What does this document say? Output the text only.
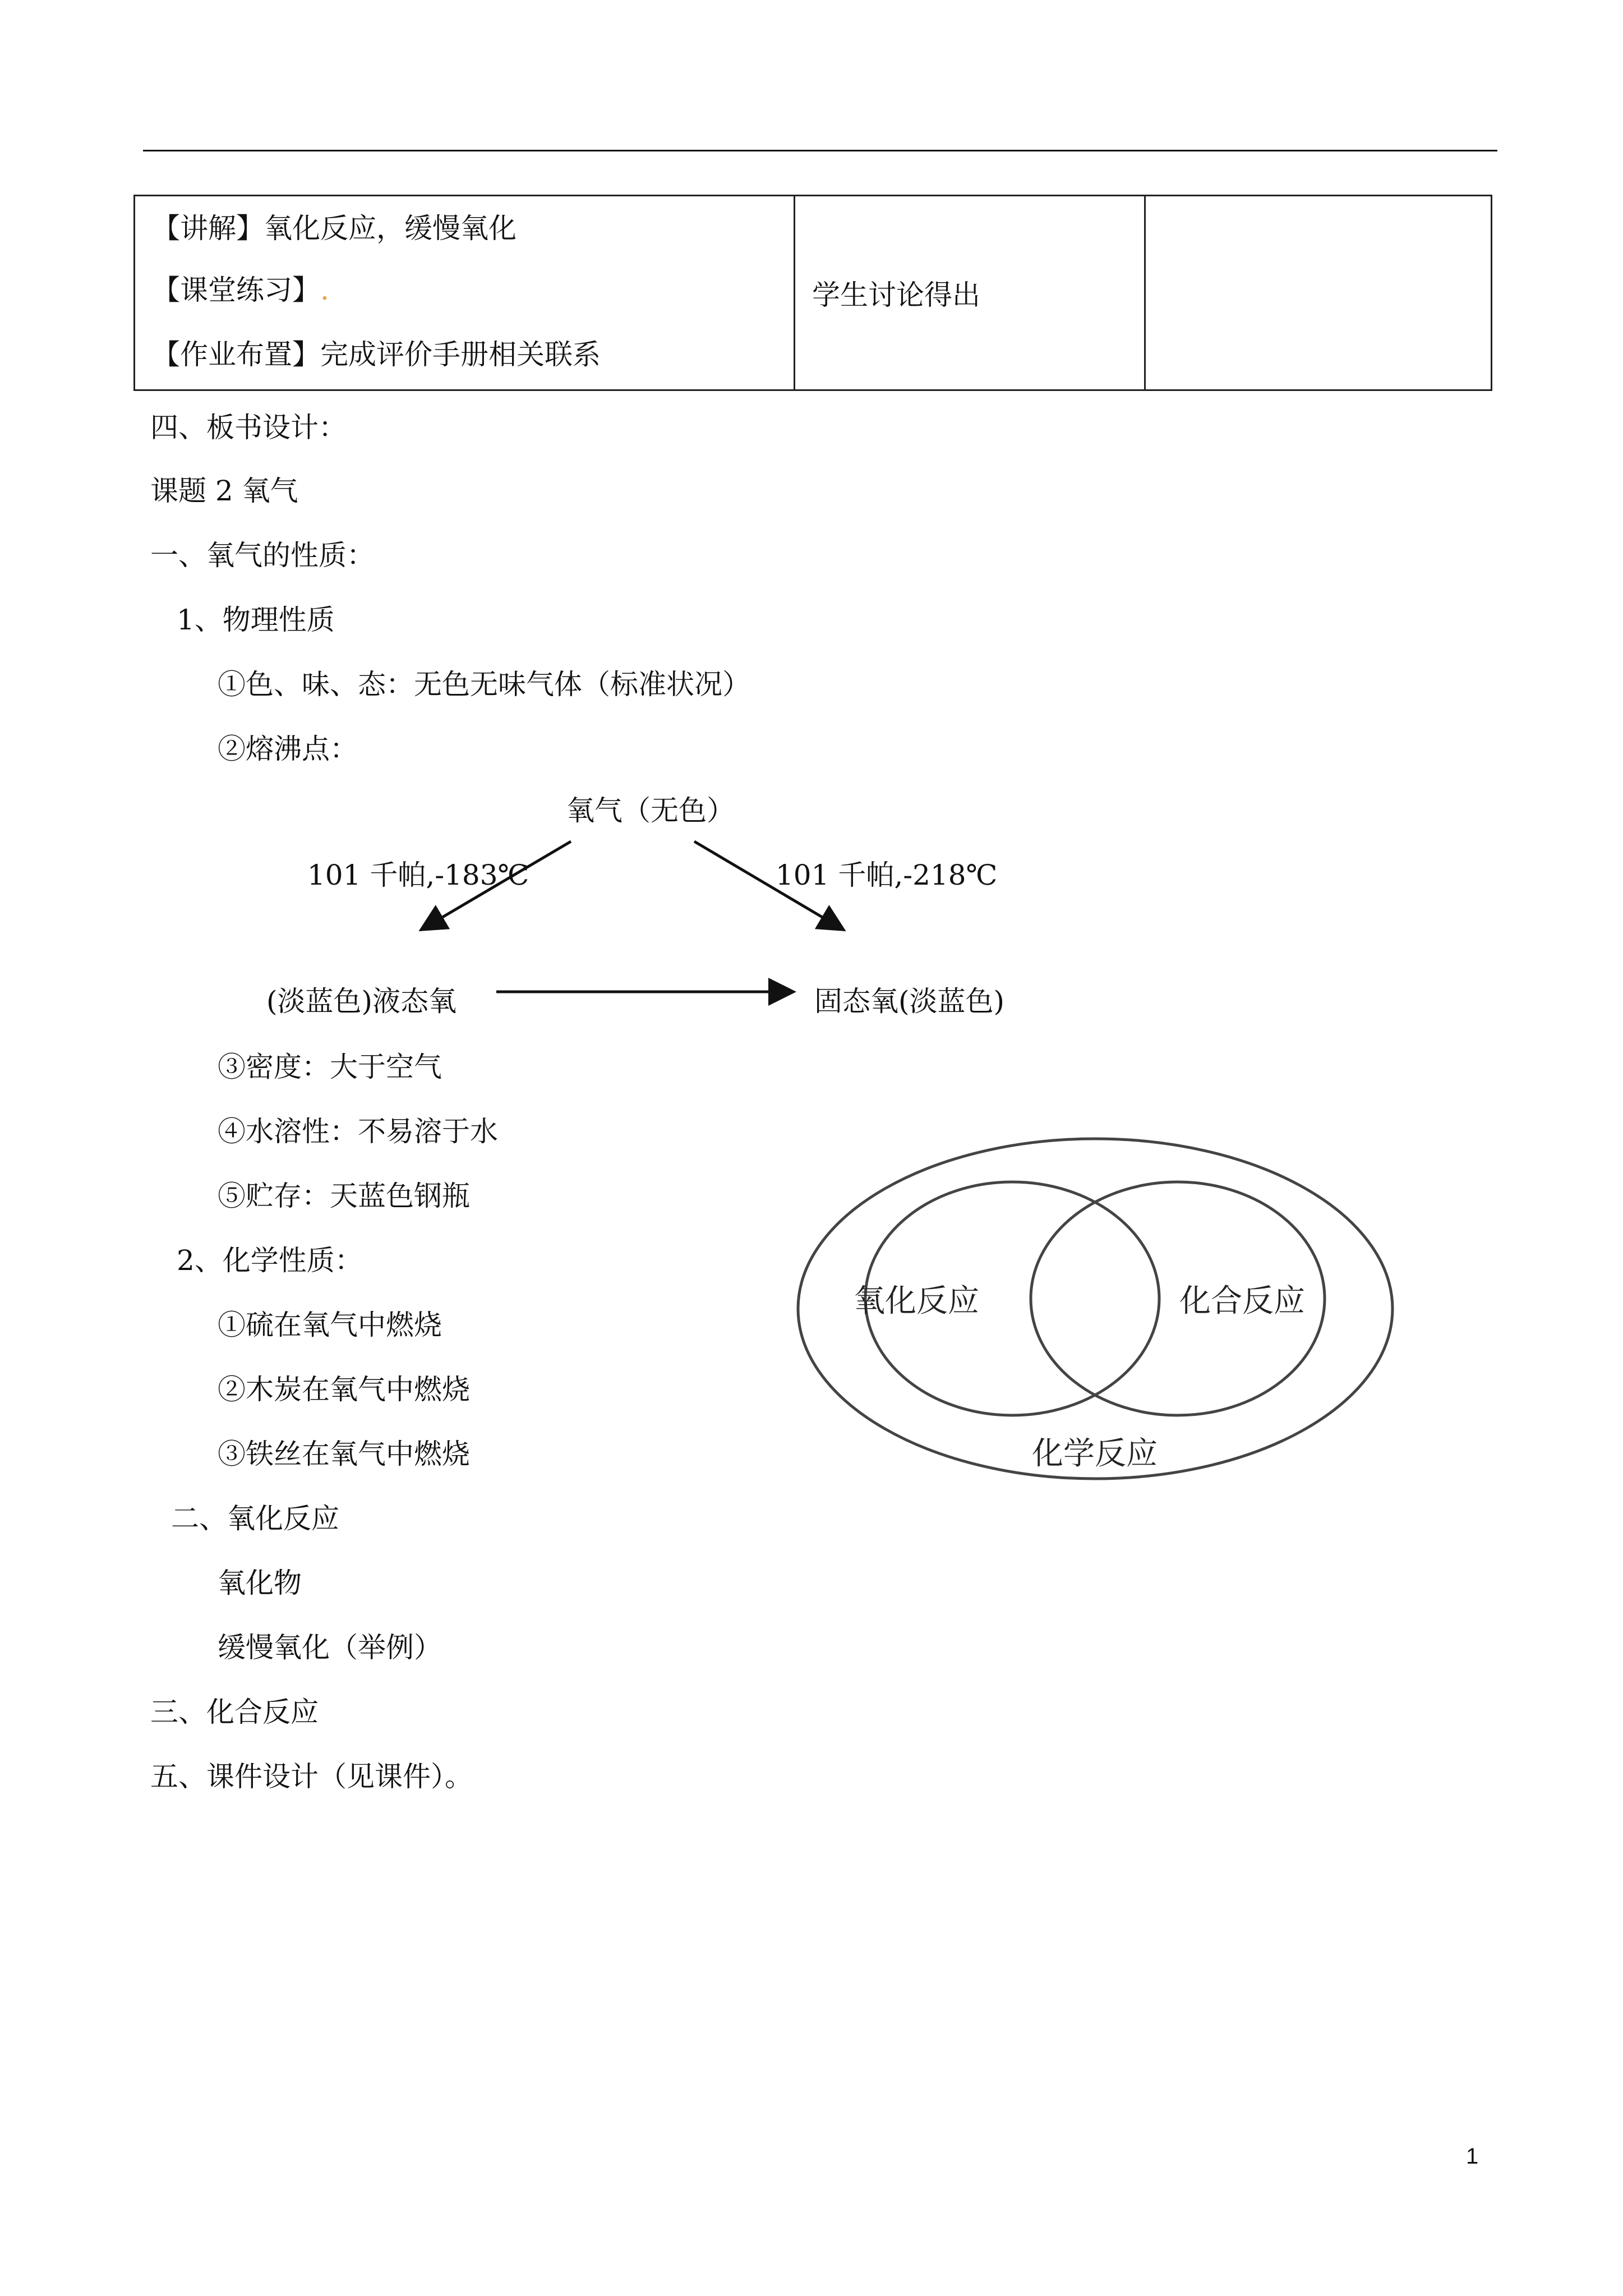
【讲解】氧化反应，缓慢氧化
【课堂练习】.
【作业布置】完成评价手册相关联系
	学生讨论得出	
四、板书设计：
课题 2 氧气
一、氧气的性质：
1、物理性质
①色、味、态：无色无味气体（标准状况）
②熔沸点：
氧气（无色）
101 千帕,-183℃	101 千帕,-218℃
(淡蓝色)液态氧	固态氧(淡蓝色)
③密度：大于空气
④水溶性：不易溶于水
⑤贮存：天蓝色钢瓶
2、化学性质：
①硫在氧气中燃烧
②木炭在氧气中燃烧
③铁丝在氧气中燃烧
二、氧化反应
氧化物
缓慢氧化（举例）
三、化合反应
五、课件设计（见课件）。
氧化反应	化合反应
化学反应
1
